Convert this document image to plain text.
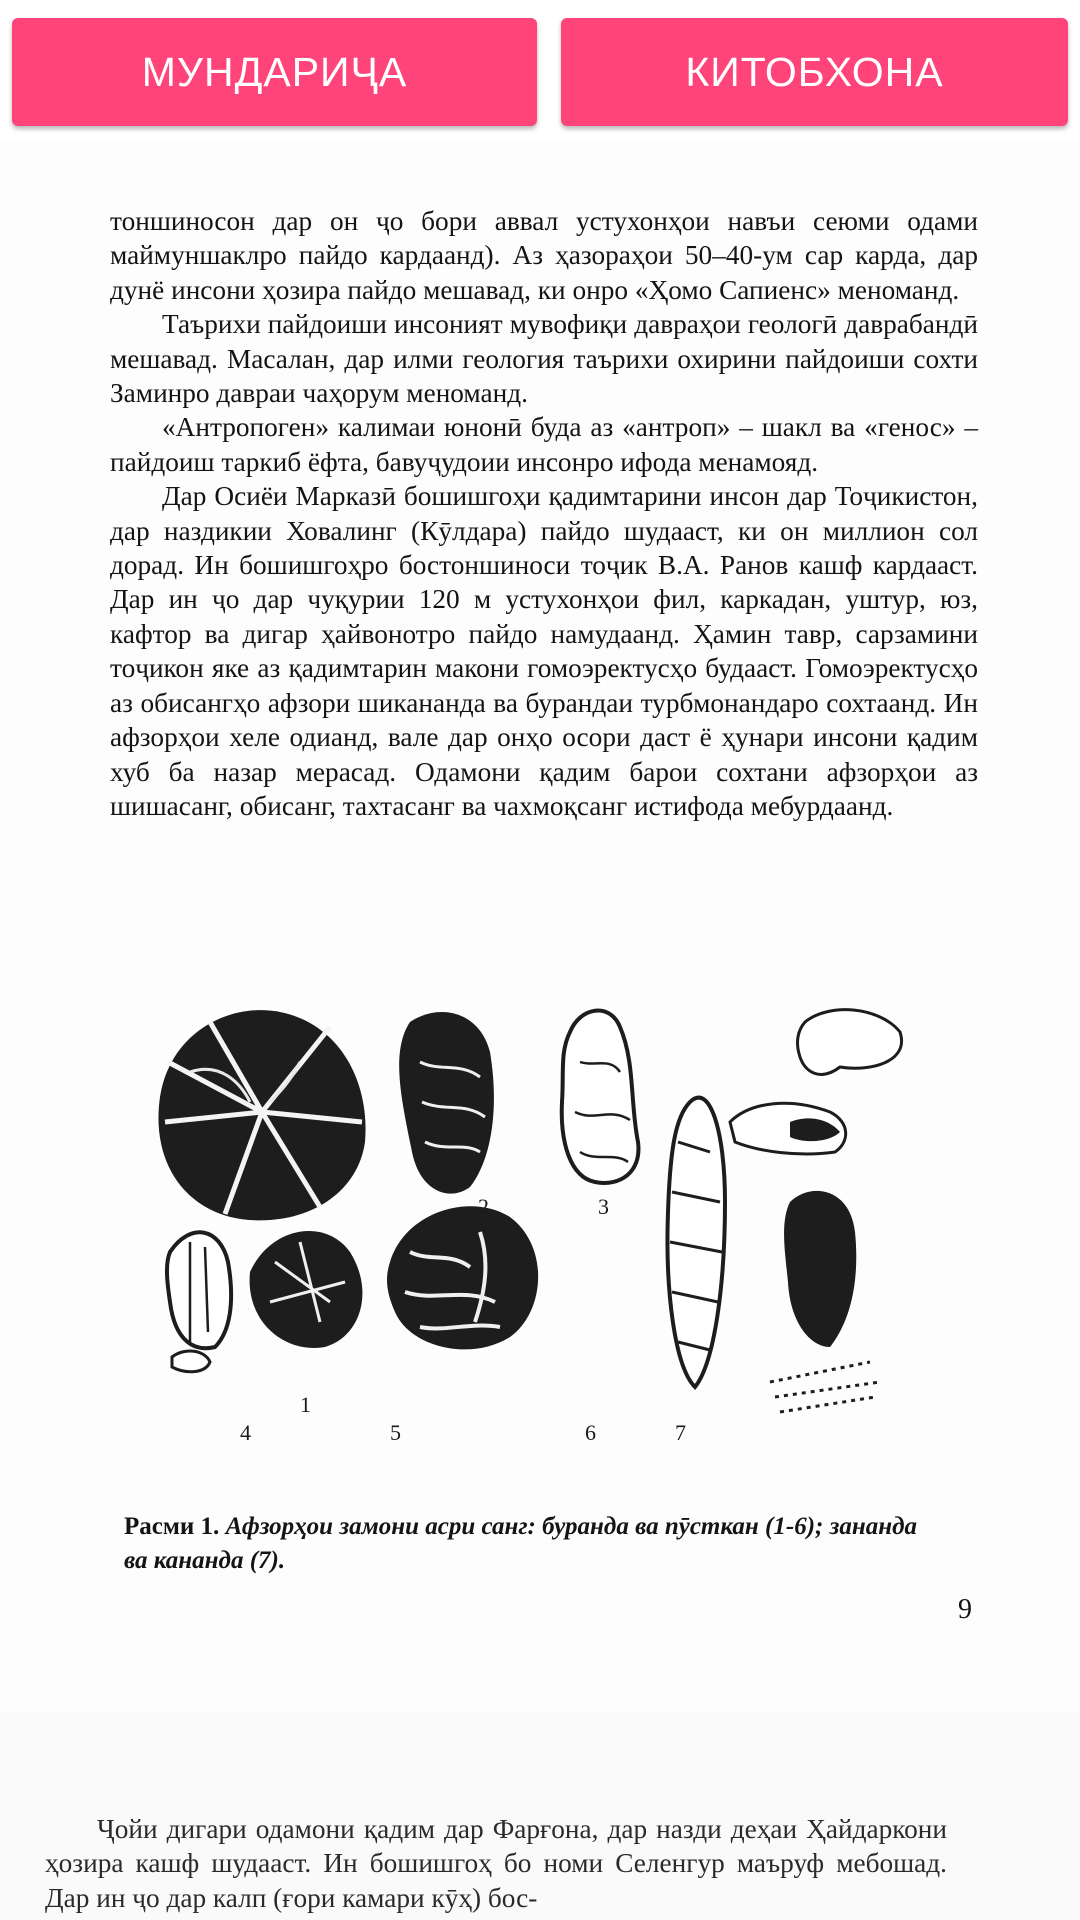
МУНДАРИҶА	КИТОБХОНА

тоншиносон дар он ҷо бори аввал устухонҳои навъи сеюми одами маймуншаклро пайдо кардаанд). Аз ҳазораҳои 50–40-ум сар карда, дар дунё инсони ҳозира пайдо мешавад, ки онро «Ҳомо Сапиенс» меноманд.

Таърихи пайдоиши инсоният мувофиқи давраҳои геологӣ даврабандӣ мешавад. Масалан, дар илми геология таърихи охирини пайдоиши сохти Заминро давраи чаҳорум меноманд.

«Антропоген» калимаи юнонӣ буда аз «антроп» – шакл ва «генос» – пайдоиш таркиб ёфта, бавуҷудоии инсонро ифода менамояд.

Дар Осиёи Марказӣ бошишгоҳи қадимтарини инсон дар Тоҷикистон, дар наздикии Ховалинг (Кӯлдара) пайдо шудааст, ки он миллион сол дорад. Ин бошишгоҳро бостоншиноси тоҷик В.А. Ранов кашф кардааст. Дар ин ҷо дар чуқурии 120 м устухонҳои фил, каркадан, уштур, юз, кафтор ва дигар ҳайвонотро пайдо намудаанд. Ҳамин тавр, сарзамини тоҷикон яке аз қадимтарин макони гомоэректусҳо будааст. Гомоэректусҳо аз обисангҳо афзори шикананда ва бурандаи турбмонандаро сохтаанд. Ин афзорҳои хеле одианд, вале дар онҳо осори даст ё ҳунари инсони қадим хуб ба назар мерасад. Одамони қадим барои сохтани афзорҳои аз шишасанг, обисанг, тахтасанг ва чахмоқсанг истифода мебурдаанд.

1
2	3
4	5	6	7
Расми 1. Афзорҳои замони асри санг: буранда ва пӯсткан (1-6); зананда ва кананда (7).
9

Ҷойи дигари одамони қадим дар Фарғона, дар назди деҳаи Ҳайдаркони ҳозира кашф шудааст. Ин бошишгоҳ бо номи Селенгур маъруф мебошад. Дар ин ҷо дар калп (ғори камари кӯҳ) бос-
